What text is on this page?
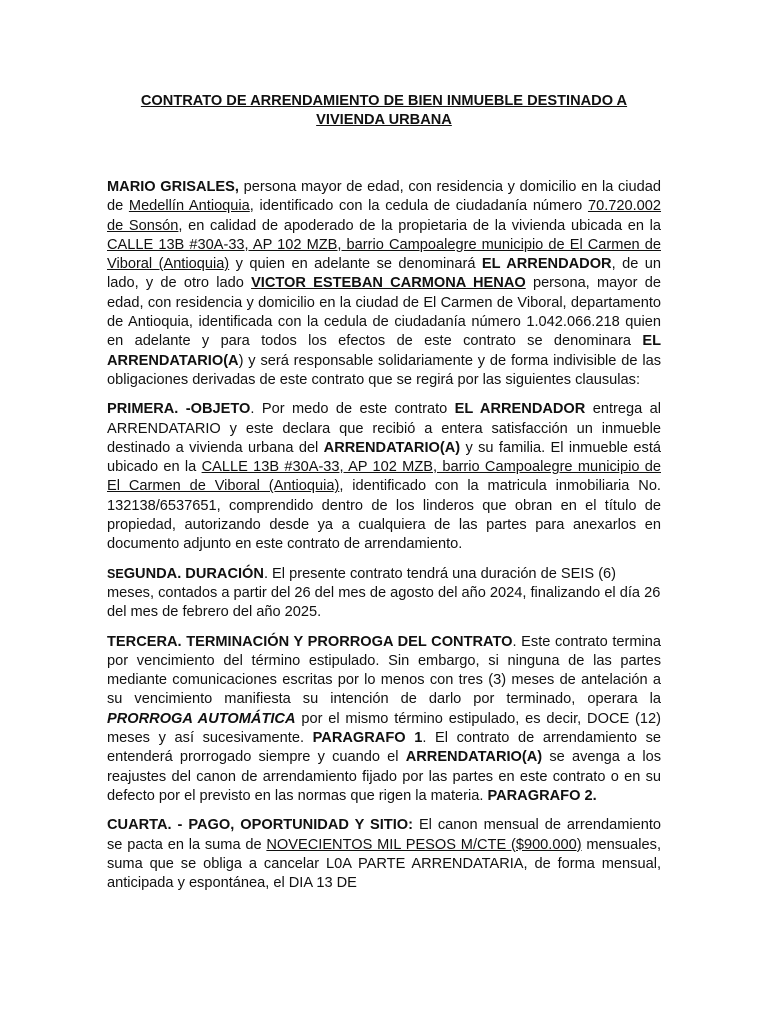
CONTRATO DE ARRENDAMIENTO DE BIEN INMUEBLE DESTINADO A
VIVIENDA URBANA

MARIO GRISALES, persona mayor de edad, con residencia y domicilio en la ciudad de Medellín Antioquia, identificado con la cedula de ciudadanía número 70.720.002 de Sonsón, en calidad de apoderado de la propietaria de la vivienda ubicada en la CALLE 13B #30A-33, AP 102 MZB, barrio Campoalegre municipio de El Carmen de Viboral (Antioquia) y quien en adelante se denominará EL ARRENDADOR, de un lado, y de otro lado VICTOR ESTEBAN CARMONA HENAO persona, mayor de edad, con residencia y domicilio en la ciudad de El Carmen de Viboral, departamento de Antioquia, identificada con la cedula de ciudadanía número 1.042.066.218 quien en adelante y para todos los efectos de este contrato se denominara EL ARRENDATARIO(A) y será responsable solidariamente y de forma indivisible de las obligaciones derivadas de este contrato que se regirá por las siguientes clausulas:

PRIMERA. -OBJETO. Por medo de este contrato EL ARRENDADOR entrega al ARRENDATARIO y este declara que recibió a entera satisfacción un inmueble destinado a vivienda urbana del ARRENDATARIO(A) y su familia. El inmueble está ubicado en la CALLE 13B #30A-33, AP 102 MZB, barrio Campoalegre municipio de El Carmen de Viboral (Antioquia), identificado con la matricula inmobiliaria No. 132138/6537651, comprendido dentro de los linderos que obran en el título de propiedad, autorizando desde ya a cualquiera de las partes para anexarlos en documento adjunto en este contrato de arrendamiento.

SEGUNDA. DURACIÓN. El presente contrato tendrá una duración de SEIS (6) meses, contados a partir del 26 del mes de agosto del año 2024, finalizando el día 26 del mes de febrero del año 2025.

TERCERA. TERMINACIÓN Y PRORROGA DEL CONTRATO. Este contrato termina por vencimiento del término estipulado. Sin embargo, si ninguna de las partes mediante comunicaciones escritas por lo menos con tres (3) meses de antelación a su vencimiento manifiesta su intención de darlo por terminado, operara la PRORROGA AUTOMÁTICA por el mismo término estipulado, es decir, DOCE (12) meses y así sucesivamente. PARAGRAFO 1. El contrato de arrendamiento se entenderá prorrogado siempre y cuando el ARRENDATARIO(A) se avenga a los reajustes del canon de arrendamiento fijado por las partes en este contrato o en su defecto por el previsto en las normas que rigen la materia. PARAGRAFO 2.

CUARTA. - PAGO, OPORTUNIDAD Y SITIO: El canon mensual de arrendamiento se pacta en la suma de NOVECIENTOS MIL PESOS M/CTE ($900.000) mensuales, suma que se obliga a cancelar L0A PARTE ARRENDATARIA, de forma mensual, anticipada y espontánea, el DIA 13 DE
